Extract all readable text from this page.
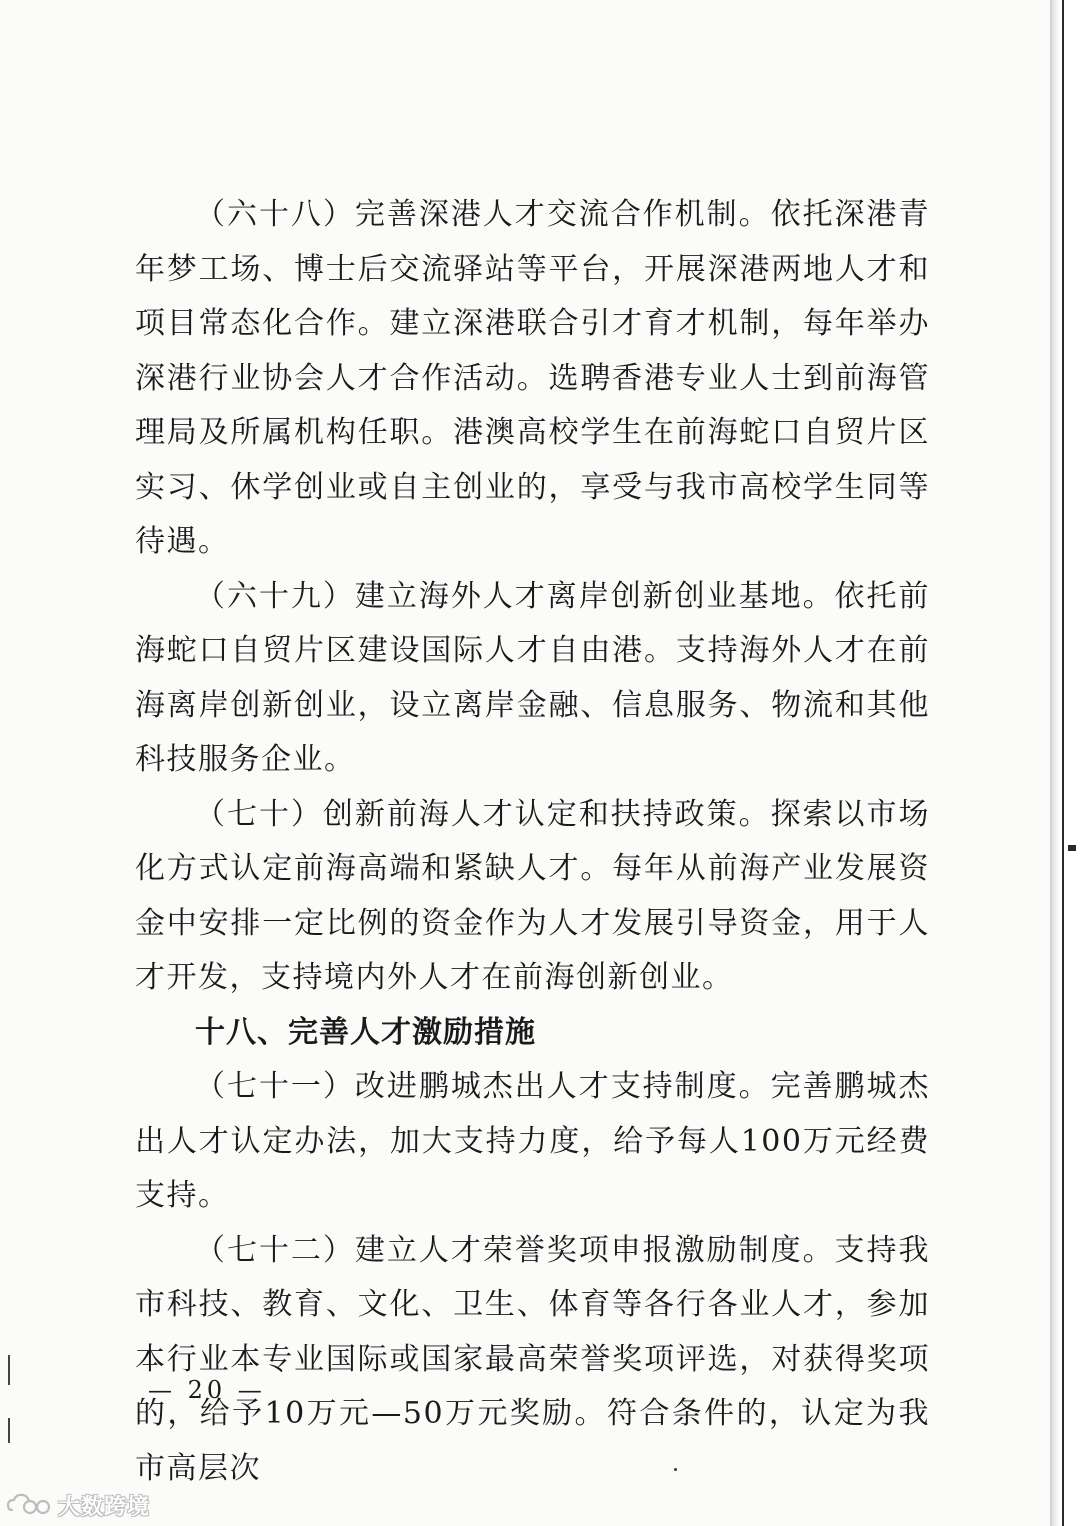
（六十八）完善深港人才交流合作机制。依托深港青年梦工场、博士后交流驿站等平台，开展深港两地人才和项目常态化合作。建立深港联合引才育才机制，每年举办深港行业协会人才合作活动。选聘香港专业人士到前海管理局及所属机构任职。港澳高校学生在前海蛇口自贸片区实习、休学创业或自主创业的，享受与我市高校学生同等待遇。

（六十九）建立海外人才离岸创新创业基地。依托前海蛇口自贸片区建设国际人才自由港。支持海外人才在前海离岸创新创业，设立离岸金融、信息服务、物流和其他科技服务企业。

（七十）创新前海人才认定和扶持政策。探索以市场化方式认定前海高端和紧缺人才。每年从前海产业发展资金中安排一定比例的资金作为人才发展引导资金，用于人才开发，支持境内外人才在前海创新创业。

十八、完善人才激励措施

（七十一）改进鹏城杰出人才支持制度。完善鹏城杰出人才认定办法，加大支持力度，给予每人100万元经费支持。

（七十二）建立人才荣誉奖项申报激励制度。支持我市科技、教育、文化、卫生、体育等各行各业人才，参加本行业本专业国际或国家最高荣誉奖项评选，对获得奖项的，给予10万元—50万元奖励。符合条件的，认定为我市高层次

— 20 —
大数跨境
